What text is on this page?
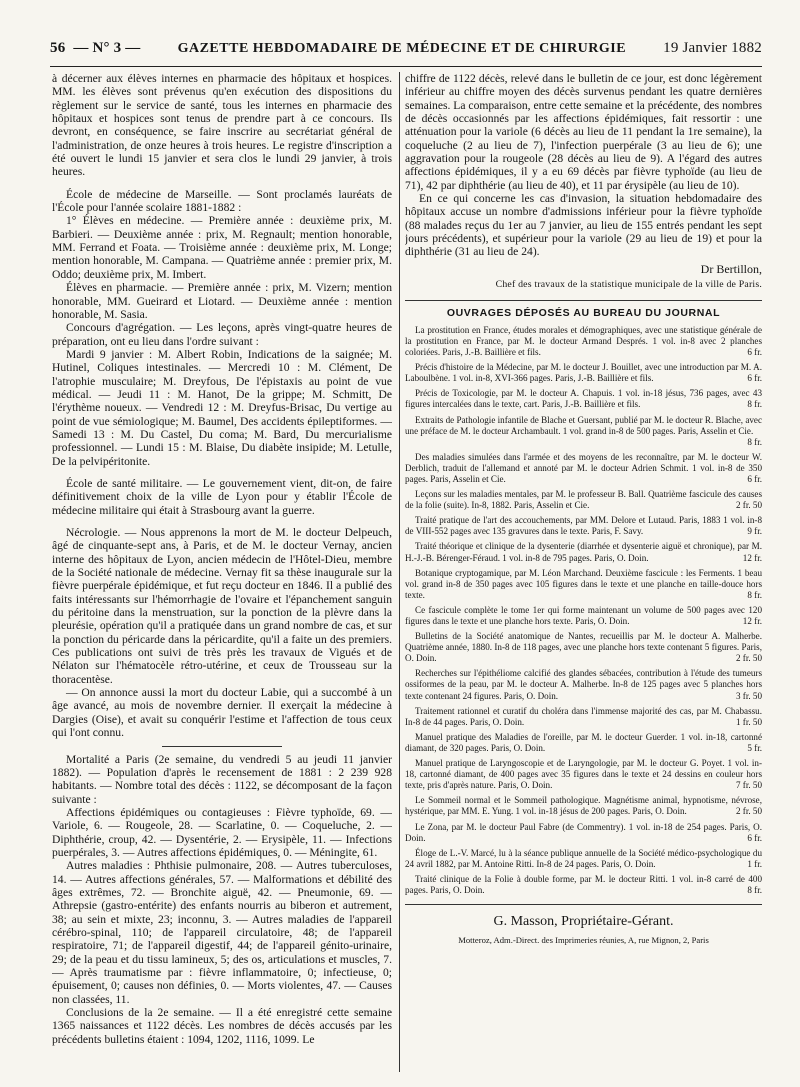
56 — N° 3 —	GAZETTE HEBDOMADAIRE DE MÉDECINE ET DE CHIRURGIE 19 Janvier 1882

à décerner aux élèves internes en pharmacie des hôpitaux et hospices. MM. les élèves sont prévenus qu'en exécution des dispositions du règlement sur le service de santé, tous les internes en pharmacie des hôpitaux et hospices sont tenus de prendre part à ce concours. Ils devront, en conséquence, se faire inscrire au secrétariat général de l'administration, de onze heures à trois heures. Le registre d'inscription a été ouvert le lundi 15 janvier et sera clos le lundi 29 janvier, à trois heures.

École de médecine de Marseille. — Sont proclamés lauréats de l'École pour l'année scolaire 1881-1882 :

1° Élèves en médecine. — Première année : deuxième prix, M. Barbieri. — Deuxième année : prix, M. Regnault; mention honorable, MM. Ferrand et Foata. — Troisième année : deuxième prix, M. Longe; mention honorable, M. Campana. — Quatrième année : premier prix, M. Oddo; deuxième prix, M. Imbert.

Élèves en pharmacie. — Première année : prix, M. Vizern; mention honorable, MM. Gueirard et Liotard. — Deuxième année : mention honorable, M. Sasia.

Concours d'agrégation. — Les leçons, après vingt-quatre heures de préparation, ont eu lieu dans l'ordre suivant :

Mardi 9 janvier : M. Albert Robin, Indications de la saignée; M. Hutinel, Coliques intestinales. — Mercredi 10 : M. Clément, De l'atrophie musculaire; M. Dreyfous, De l'épistaxis au point de vue médical. — Jeudi 11 : M. Hanot, De la grippe; M. Schmitt, De l'érythème noueux. — Vendredi 12 : M. Dreyfus-Brisac, Du vertige au point de vue sémiologique; M. Baumel, Des accidents épileptiformes. — Samedi 13 : M. Du Castel, Du coma; M. Bard, Du mercurialisme professionnel. — Lundi 15 : M. Blaise, Du diabète insipide; M. Letulle, De la pelvipéritonite.

École de santé militaire. — Le gouvernement vient, dit-on, de faire définitivement choix de la ville de Lyon pour y établir l'École de médecine militaire qui était à Strasbourg avant la guerre.

Nécrologie. — Nous apprenons la mort de M. le docteur Delpeuch, âgé de cinquante-sept ans, à Paris, et de M. le docteur Vernay, ancien interne des hôpitaux de Lyon, ancien médecin de l'Hôtel-Dieu, membre de la Société nationale de médecine. Vernay fit sa thèse inaugurale sur la fièvre puerpérale épidémique, et fut reçu docteur en 1846. Il a publié des faits intéressants sur l'hémorrhagie de l'ovaire et l'épanchement sanguin du péritoine dans la menstruation, sur la ponction de la plèvre dans la pleurésie, opération qu'il a pratiquée dans un grand nombre de cas, et sur la ponction du péricarde dans la péricardite, qu'il a faite un des premiers. Ces publications ont suivi de très près les travaux de Vigués et de Nélaton sur l'hématocèle rétro-utérine, et ceux de Trousseau sur la thoracentèse.

— On annonce aussi la mort du docteur Labie, qui a succombé à un âge avancé, au mois de novembre dernier. Il exerçait la médecine à Dargies (Oise), et avait su conquérir l'estime et l'affection de tous ceux qui l'ont connu.

Mortalité a Paris (2e semaine, du vendredi 5 au jeudi 11 janvier 1882). — Population d'après le recensement de 1881 : 2 239 928 habitants. — Nombre total des décès : 1122, se décomposant de la façon suivante :

Affections épidémiques ou contagieuses : Fièvre typhoïde, 69. — Variole, 6. — Rougeole, 28. — Scarlatine, 0. — Coqueluche, 2. — Diphthérie, croup, 42. — Dysentérie, 2. — Erysipèle, 11. — Infections puerpérales, 3. — Autres affections épidémiques, 0. — Méningite, 61.

Autres maladies : Phthisie pulmonaire, 208. — Autres tuberculoses, 14. — Autres affections générales, 57. — Malformations et débilité des âges extrêmes, 72. — Bronchite aiguë, 42. — Pneumonie, 69. — Athrepsie (gastro-entérite) des enfants nourris au biberon et autrement, 38; au sein et mixte, 23; inconnu, 3. — Autres maladies de l'appareil cérébro-spinal, 110; de l'appareil circulatoire, 48; de l'appareil respiratoire, 71; de l'appareil digestif, 44; de l'appareil génito-urinaire, 29; de la peau et du tissu lamineux, 5; des os, articulations et muscles, 7. — Après traumatisme par : fièvre inflammatoire, 0; infectieuse, 0; épuisement, 0; causes non définies, 0. — Morts violentes, 47. — Causes non classées, 11.

Conclusions de la 2e semaine. — Il a été enregistré cette semaine 1365 naissances et 1122 décès. Les nombres de décès accusés par les précédents bulletins étaient : 1094, 1202, 1116, 1099. Le

chiffre de 1122 décès, relevé dans le bulletin de ce jour, est donc légèrement inférieur au chiffre moyen des décès survenus pendant les quatre dernières semaines. La comparaison, entre cette semaine et la précédente, des nombres de décès occasionnés par les affections épidémiques, fait ressortir : une atténuation pour la variole (6 décès au lieu de 11 pendant la 1re semaine), la coqueluche (2 au lieu de 7), l'infection puerpérale (3 au lieu de 6); une aggravation pour la rougeole (28 décès au lieu de 9). A l'égard des autres affections épidémiques, il y a eu 69 décès par fièvre typhoïde (au lieu de 71), 42 par diphthérie (au lieu de 40), et 11 par érysipèle (au lieu de 10).

En ce qui concerne les cas d'invasion, la situation hebdomadaire des hôpitaux accuse un nombre d'admissions inférieur pour la fièvre typhoïde (88 malades reçus du 1er au 7 janvier, au lieu de 155 entrés pendant les sept jours précédents), et supérieur pour la variole (29 au lieu de 19) et pour la diphthérie (31 au lieu de 24).

Dr Bertillon,
Chef des travaux de la statistique municipale de la ville de Paris.
OUVRAGES DÉPOSÉS AU BUREAU DU JOURNAL
La prostitution en France, études morales et démographiques, avec une statistique générale de la prostitution en France, par M. le docteur Armand Després. 1 vol. in-8 avec 2 planches coloriées. Paris, J.-B. Baillière et fils.	6 fr.
Précis d'histoire de la Médecine, par M. le docteur J. Bouillet, avec une introduction par M. A. Laboulbène. 1 vol. in-8, XVI-366 pages. Paris, J.-B. Baillière et fils.	6 fr.
Précis de Toxicologie, par M. le docteur A. Chapuis. 1 vol. in-18 jésus, 736 pages, avec 43 figures intercalées dans le texte, cart. Paris, J.-B. Baillière et fils.	8 fr.
Extraits de Pathologie infantile de Blache et Guersant, publié par M. le docteur R. Blache, avec une préface de M. le docteur Archambault. 1 vol. grand in-8 de 500 pages. Paris, Asselin et Cie.
8 fr.
Des maladies simulées dans l'armée et des moyens de les reconnaître, par M. le docteur W. Derblich, traduit de l'allemand et annoté par M. le docteur Adrien Schmit. 1 vol. in-8 de 350 pages. Paris, Asselin et Cie.	6 fr.
Leçons sur les maladies mentales, par M. le professeur B. Ball. Quatrième fascicule des causes de la folie (suite). In-8, 1882. Paris, Asselin et Cie.	2 fr. 50
Traité pratique de l'art des accouchements, par MM. Delore et Lutaud. Paris, 1883 1 vol. in-8 de VIII-552 pages avec 135 gravures dans le texte. Paris, F. Savy.	9 fr.
Traité théorique et clinique de la dysenterie (diarrhée et dysenterie aiguë et chronique), par M. H.-J.-B. Bérenger-Féraud. 1 vol. in-8 de 795 pages. Paris, O. Doin.	12 fr.
Botanique cryptogamique, par M. Léon Marchand. Deuxième fascicule : les Ferments. 1 beau vol. grand in-8 de 350 pages avec 105 figures dans le texte et une planche en taille-douce hors texte.	8 fr.
Ce fascicule complète le tome 1er qui forme maintenant un volume de 500 pages avec 120 figures dans le texte et une planche hors texte. Paris, O. Doin.	12 fr.
Bulletins de la Société anatomique de Nantes, recueillis par M. le docteur A. Malherbe. Quatrième année, 1880. In-8 de 118 pages, avec une planche hors texte contenant 5 figures. Paris, O. Doin.	2 fr. 50
Recherches sur l'épithéliome calcifié des glandes sébacées, contribution à l'étude des tumeurs ossiformes de la peau, par M. le docteur A. Malherbe. In-8 de 125 pages avec 5 planches hors texte contenant 24 figures. Paris, O. Doin.	3 fr. 50
Traitement rationnel et curatif du choléra dans l'immense majorité des cas, par M. Chabassu. In-8 de 44 pages. Paris, O. Doin.	1 fr. 50
Manuel pratique des Maladies de l'oreille, par M. le docteur Guerder. 1 vol. in-18, cartonné diamant, de 320 pages. Paris, O. Doin.	5 fr.
Manuel pratique de Laryngoscopie et de Laryngologie, par M. le docteur G. Poyet. 1 vol. in-18, cartonné diamant, de 400 pages avec 35 figures dans le texte et 24 dessins en couleur hors texte, pris d'après nature. Paris, O. Doin.	7 fr. 50
Le Sommeil normal et le Sommeil pathologique. Magnétisme animal, hypnotisme, névrose, hystérique, par MM. E. Yung. 1 vol. in-18 jésus de 200 pages. Paris, O. Doin.	2 fr. 50
Le Zona, par M. le docteur Paul Fabre (de Commentry). 1 vol. in-18 de 254 pages. Paris, O. Doin.	6 fr.
Éloge de L.-V. Marcé, lu à la séance publique annuelle de la Société médico-psychologique du 24 avril 1882, par M. Antoine Ritti. In-8 de 24 pages. Paris, O. Doin.	1 fr.
Traité clinique de la Folie à double forme, par M. le docteur Ritti. 1 vol. in-8 carré de 400 pages. Paris, O. Doin.	8 fr.
G. Masson, Propriétaire-Gérant.
Motteroz, Adm.-Direct. des Imprimeries réunies, A, rue Mignon, 2, Paris
